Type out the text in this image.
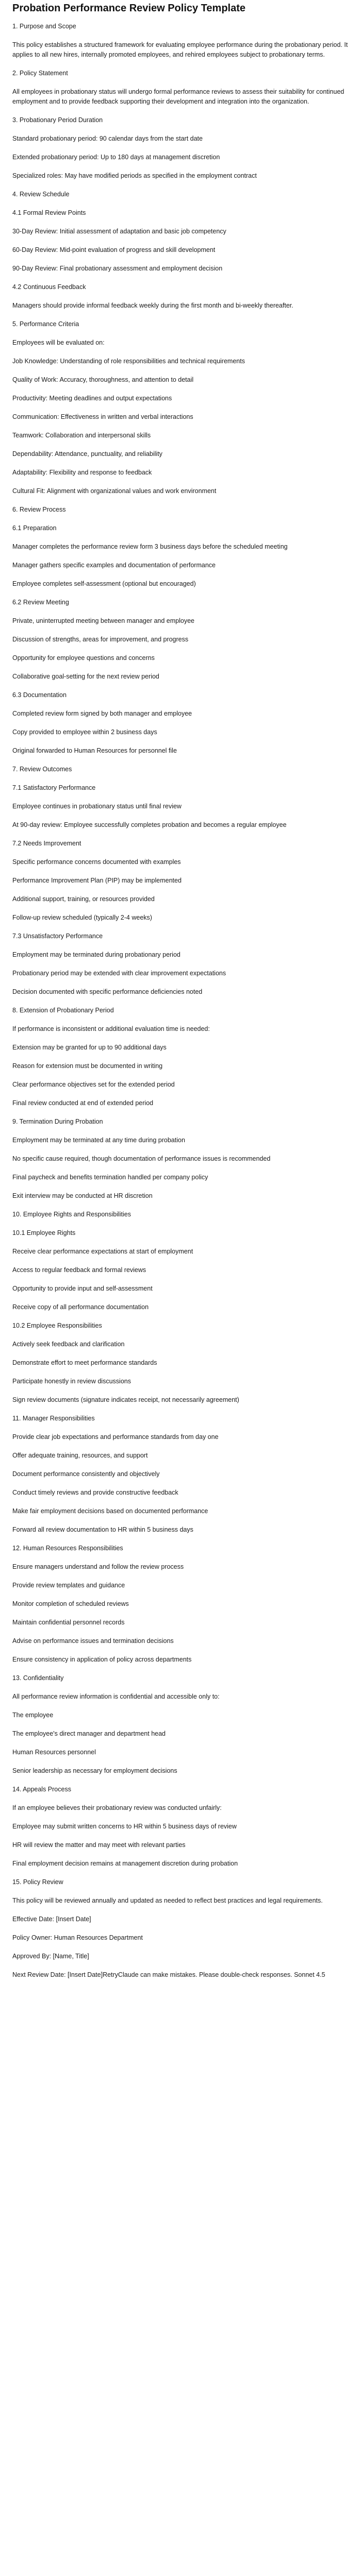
Probation Performance Review Policy Template

1. Purpose and Scope

This policy establishes a structured framework for evaluating employee performance during the probationary period. It applies to all new hires, internally promoted employees, and rehired employees subject to probationary terms.

2. Policy Statement

All employees in probationary status will undergo formal performance reviews to assess their suitability for continued employment and to provide feedback supporting their development and integration into the organization.

3. Probationary Period Duration

Standard probationary period: 90 calendar days from the start date

Extended probationary period: Up to 180 days at management discretion

Specialized roles: May have modified periods as specified in the employment contract

4. Review Schedule

4.1 Formal Review Points

30-Day Review: Initial assessment of adaptation and basic job competency

60-Day Review: Mid-point evaluation of progress and skill development

90-Day Review: Final probationary assessment and employment decision

4.2 Continuous Feedback

Managers should provide informal feedback weekly during the first month and bi-weekly thereafter.

5. Performance Criteria

Employees will be evaluated on:

Job Knowledge: Understanding of role responsibilities and technical requirements

Quality of Work: Accuracy, thoroughness, and attention to detail

Productivity: Meeting deadlines and output expectations

Communication: Effectiveness in written and verbal interactions

Teamwork: Collaboration and interpersonal skills

Dependability: Attendance, punctuality, and reliability

Adaptability: Flexibility and response to feedback

Cultural Fit: Alignment with organizational values and work environment

6. Review Process

6.1 Preparation

Manager completes the performance review form 3 business days before the scheduled meeting

Manager gathers specific examples and documentation of performance

Employee completes self-assessment (optional but encouraged)

6.2 Review Meeting

Private, uninterrupted meeting between manager and employee

Discussion of strengths, areas for improvement, and progress

Opportunity for employee questions and concerns

Collaborative goal-setting for the next review period

6.3 Documentation

Completed review form signed by both manager and employee

Copy provided to employee within 2 business days

Original forwarded to Human Resources for personnel file

7. Review Outcomes

7.1 Satisfactory Performance

Employee continues in probationary status until final review

At 90-day review: Employee successfully completes probation and becomes a regular employee

7.2 Needs Improvement

Specific performance concerns documented with examples

Performance Improvement Plan (PIP) may be implemented

Additional support, training, or resources provided

Follow-up review scheduled (typically 2-4 weeks)

7.3 Unsatisfactory Performance

Employment may be terminated during probationary period

Probationary period may be extended with clear improvement expectations

Decision documented with specific performance deficiencies noted

8. Extension of Probationary Period

If performance is inconsistent or additional evaluation time is needed:

Extension may be granted for up to 90 additional days

Reason for extension must be documented in writing

Clear performance objectives set for the extended period

Final review conducted at end of extended period

9. Termination During Probation

Employment may be terminated at any time during probation

No specific cause required, though documentation of performance issues is recommended

Final paycheck and benefits termination handled per company policy

Exit interview may be conducted at HR discretion

10. Employee Rights and Responsibilities

10.1 Employee Rights

Receive clear performance expectations at start of employment

Access to regular feedback and formal reviews

Opportunity to provide input and self-assessment

Receive copy of all performance documentation

10.2 Employee Responsibilities

Actively seek feedback and clarification

Demonstrate effort to meet performance standards

Participate honestly in review discussions

Sign review documents (signature indicates receipt, not necessarily agreement)

11. Manager Responsibilities

Provide clear job expectations and performance standards from day one

Offer adequate training, resources, and support

Document performance consistently and objectively

Conduct timely reviews and provide constructive feedback

Make fair employment decisions based on documented performance

Forward all review documentation to HR within 5 business days

12. Human Resources Responsibilities

Ensure managers understand and follow the review process

Provide review templates and guidance

Monitor completion of scheduled reviews

Maintain confidential personnel records

Advise on performance issues and termination decisions

Ensure consistency in application of policy across departments

13. Confidentiality

All performance review information is confidential and accessible only to:

The employee

The employee's direct manager and department head

Human Resources personnel

Senior leadership as necessary for employment decisions

14. Appeals Process

If an employee believes their probationary review was conducted unfairly:

Employee may submit written concerns to HR within 5 business days of review

HR will review the matter and may meet with relevant parties

Final employment decision remains at management discretion during probation

15. Policy Review

This policy will be reviewed annually and updated as needed to reflect best practices and legal requirements.

Effective Date: [Insert Date]

Policy Owner: Human Resources Department

Approved By: [Name, Title]

Next Review Date: [Insert Date]RetryClaude can make mistakes. Please double-check responses. Sonnet 4.5
